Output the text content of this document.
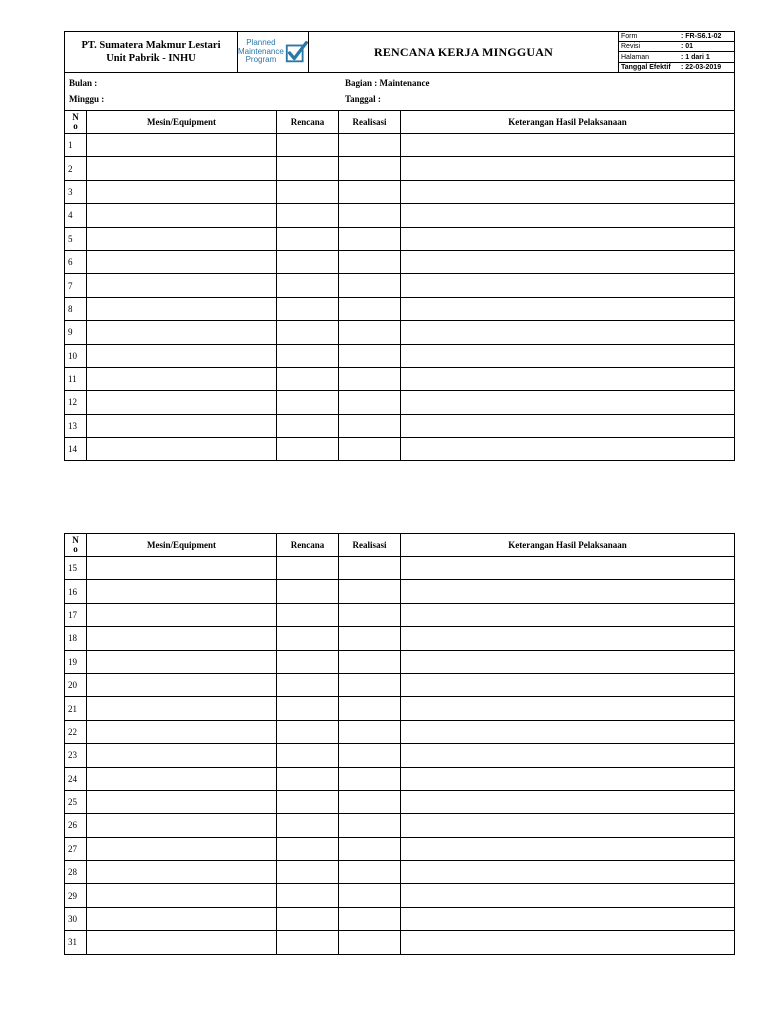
PT. Sumatera Makmur Lestari
Unit Pabrik - INHU
Planned
Maintenance
Program
RENCANA KERJA MINGGUAN
Form	: FR-S6.1-02
Revisi	: 01
Halaman	: 1 dari 1
Tanggal Efektif	: 22-03-2019
Bulan :
Minggu :
Bagian : Maintenance
Tanggal :
N
o	Mesin/Equipment	Rencana	Realisasi	Keterangan Hasil Pelaksanaan
1				
2				
3				
4				
5				
6				
7				
8				
9				
10				
11				
12				
13				
14				
N
o	Mesin/Equipment	Rencana	Realisasi	Keterangan Hasil Pelaksanaan
15				
16				
17				
18				
19				
20				
21				
22				
23				
24				
25				
26				
27				
28				
29				
30				
31				
